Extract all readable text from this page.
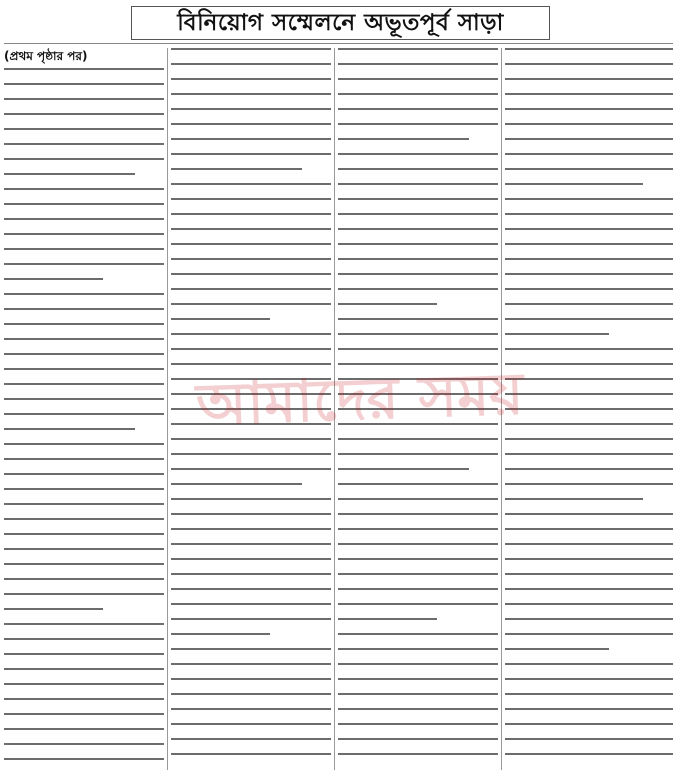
বিনিয়োগ সম্মেলনে অভূতপূর্ব সাড়া
(প্রথম পৃষ্ঠার পর)
আমাদের সময়
